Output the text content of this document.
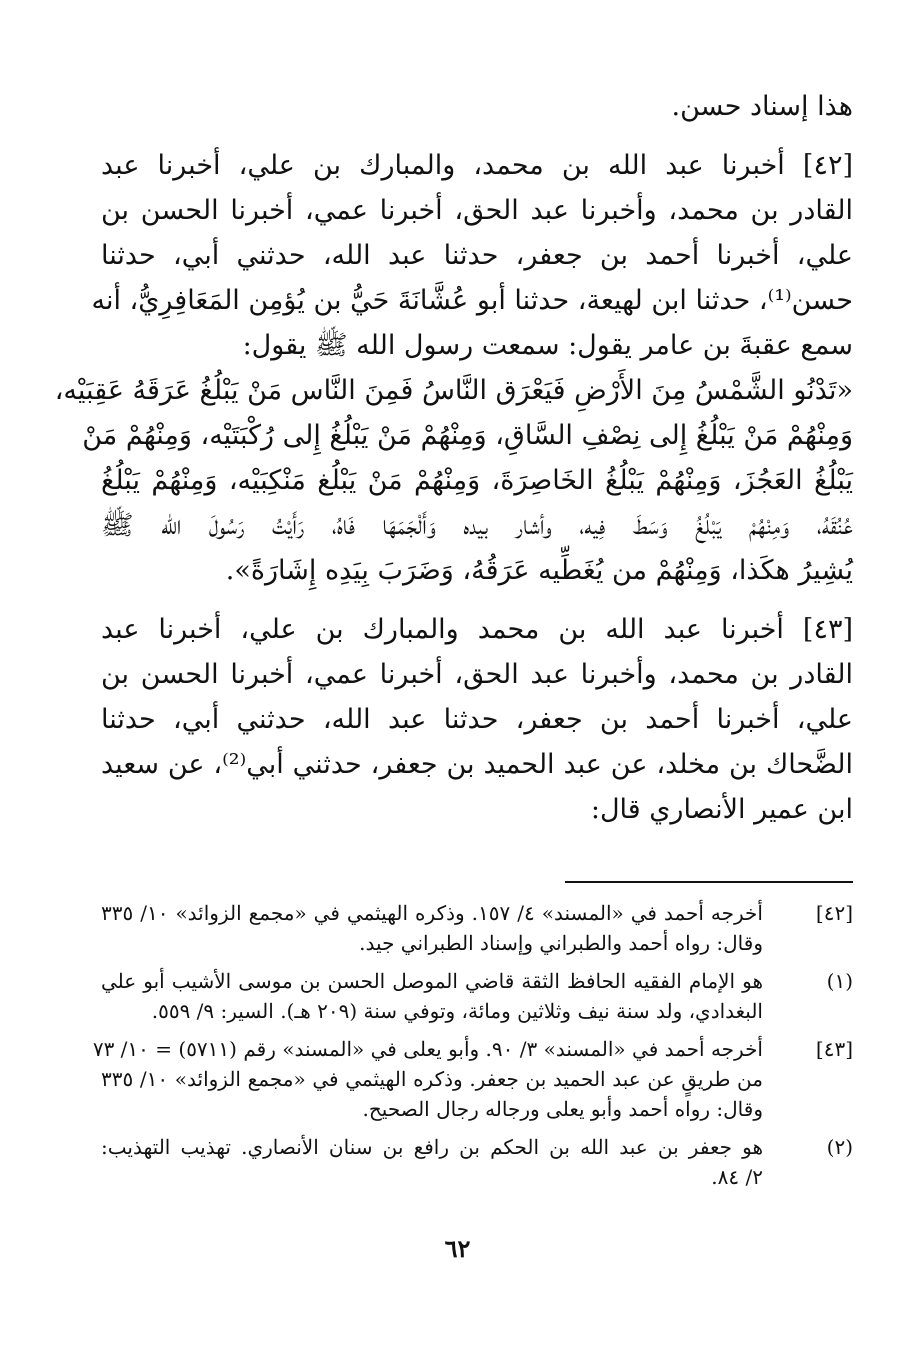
هذا إسناد حسن.
[٤٢] أخبرنا عبد الله بن محمد، والمبارك بن علي، أخبرنا عبد
القادر بن محمد، وأخبرنا عبد الحق، أخبرنا عمي، أخبرنا الحسن بن
علي، أخبرنا أحمد بن جعفر، حدثنا عبد الله، حدثني أبي، حدثنا
حسن⁽¹⁾، حدثنا ابن لهيعة، حدثنا أبو عُشَّانَةَ حَيُّ بن يُؤمِن المَعَافِرِيُّ، أنه
سمع عقبةَ بن عامر يقول: سمعت رسول الله ﷺ يقول:
«تَدْنُو الشَّمْسُ مِنَ الأَرْضِ فَيَعْرَق النَّاسُ فَمِنَ النَّاس مَنْ يَبْلُغُ عَرَقَهُ عَقِبَيْه،
وَمِنْهُمْ مَنْ يَبْلُغُ إِلى نِصْفِ السَّاقِ، وَمِنْهُمْ مَنْ يَبْلُغُ إِلى رُكْبَتَيْه، وَمِنْهُمْ مَنْ
يَبْلُغُ العَجُزَ، وَمِنْهُمْ يَبْلُغُ الخَاصِرَةَ، وَمِنْهُمْ مَنْ يَبْلُغ مَنْكِبَيْه، وَمِنْهُمْ يَبْلُغُ
عُنُقَهُ، وَمِنْهُمْ يَبْلُغُ وَسَطَ فِيه، وأشار بيده وَأَلْجَمَهَا فَاهُ، رَأَيْتُ رَسُولَ الله ﷺ
يُشِيرُ هكَذا، وَمِنْهُمْ من يُغَطِّيه عَرَقُهُ، وَضَرَبَ بِيَدِه إِشَارَةً».
[٤٣] أخبرنا عبد الله بن محمد والمبارك بن علي، أخبرنا عبد
القادر بن محمد، وأخبرنا عبد الحق، أخبرنا عمي، أخبرنا الحسن بن
علي، أخبرنا أحمد بن جعفر، حدثنا عبد الله، حدثني أبي، حدثنا
الضَّحاك بن مخلد، عن عبد الحميد بن جعفر، حدثني أبي⁽²⁾، عن سعيد
ابن عمير الأنصاري قال:
[٤٢]
أخرجه أحمد في «المسند» ٤/ ١٥٧. وذكره الهيثمي في «مجمع الزوائد» ١٠/ ٣٣٥
وقال: رواه أحمد والطبراني وإسناد الطبراني جيد.
(١)
هو الإمام الفقيه الحافظ الثقة قاضي الموصل الحسن بن موسى الأشيب أبو علي
البغدادي، ولد سنة نيف وثلاثين ومائة، وتوفي سنة (٢٠٩ هـ). السير: ٩/ ٥٥٩.
[٤٣]
أخرجه أحمد في «المسند» ٣/ ٩٠. وأبو يعلى في «المسند» رقم (٥٧١١) = ١٠/ ٧٣
من طريقٍ عن عبد الحميد بن جعفر. وذكره الهيثمي في «مجمع الزوائد» ١٠/ ٣٣٥
وقال: رواه أحمد وأبو يعلى ورجاله رجال الصحيح.
(٢)
هو جعفر بن عبد الله بن الحكم بن رافع بن سنان الأنصاري. تهذيب التهذيب:
٢/ ٨٤.
٦٢
